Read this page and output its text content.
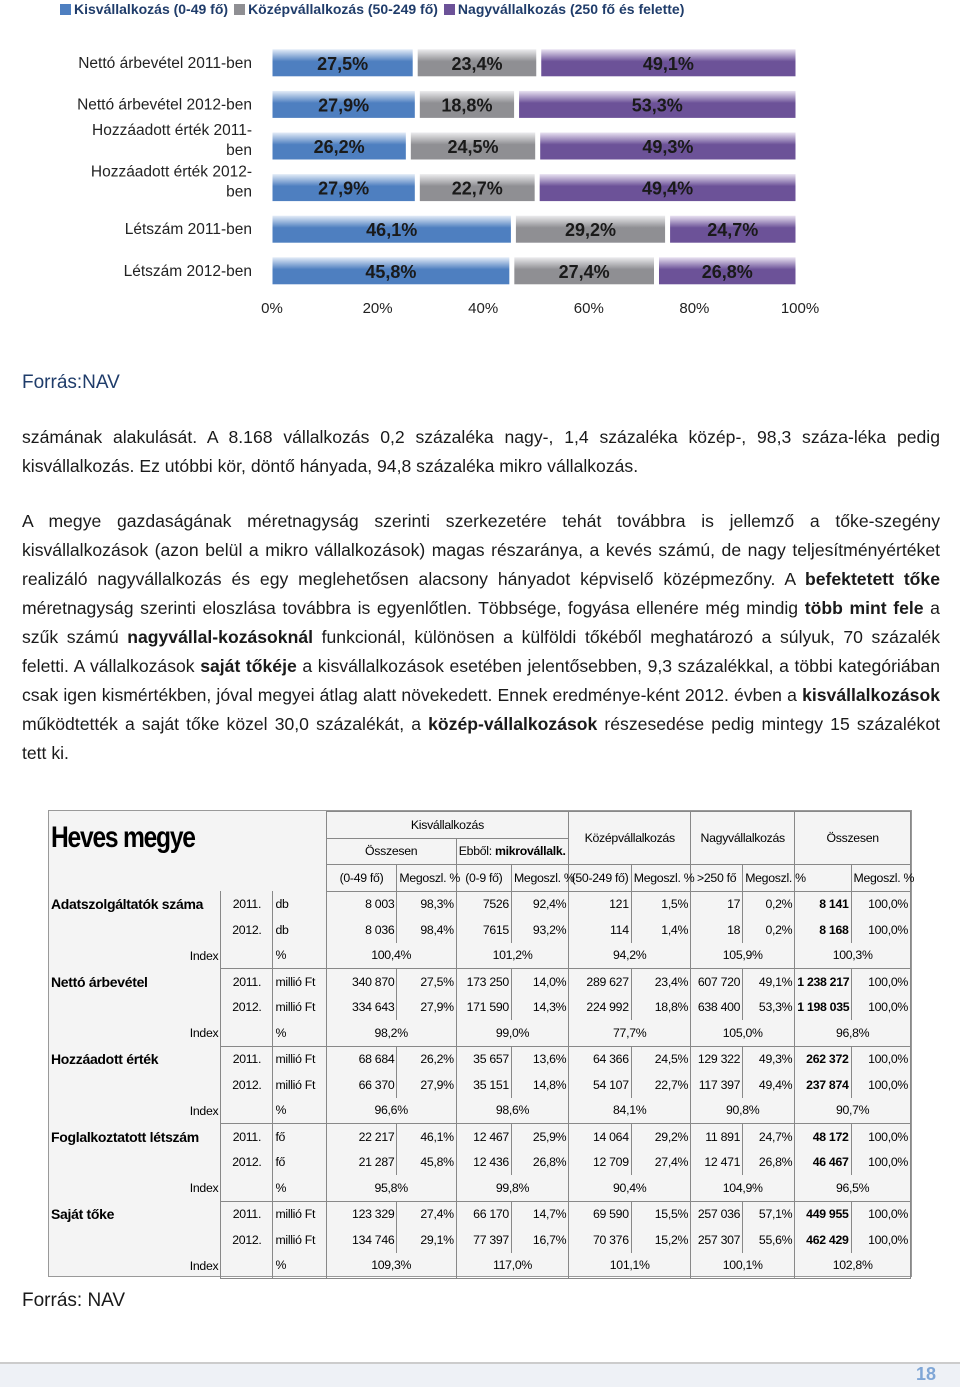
Kisvállalkozás (0-49 fő) Középvállalkozás (50-249 fő) Nagyvállalkozás (250 fő és felette)
Nettó árbevétel 2011-ben	27,5%	23,4%	49,1%
Nettó árbevétel 2012-ben	27,9%	18,8%	53,3%
Hozzáadott érték 2011-
ben	26,2%	24,5%	49,3%
Hozzáadott érték 2012-
ben	27,9%	22,7%	49,4%
Létszám 2011-ben	46,1%	29,2%	24,7%
Létszám 2012-ben	45,8%	27,4%	26,8%
0%	20%	40%	60%	80%	100%
Forrás:NAV
számának alakulását. A 8.168 vállalkozás 0,2 százaléka nagy-, 1,4 százaléka közép-, 98,3 száza-léka pedig kisvállalkozás. Ez utóbbi kör, döntő hányada, 94,8 százaléka mikro vállalkozás.
A megye gazdaságának méretnagyság szerinti szerkezetére tehát továbbra is jellemző a tőke-szegény kisvállalkozások (azon belül a mikro vállalkozások) magas részaránya, a kevés számú, de nagy teljesítményértéket realizáló nagyvállalkozás és egy meglehetősen alacsony hányadot képviselő középmezőny. A befektetett tőke méretnagyság szerinti eloszlása továbbra is egyenlőtlen. Többsége, fogyása ellenére még mindig több mint fele a szűk számú nagyvállal-kozásoknál funkcionál, különösen a külföldi tőkéből meghatározó a súlyuk, 70 százalék feletti. A vállalkozások saját tőkéje a kisvállalkozások esetében jelentősebben, 9,3 százalékkal, a többi kategóriában csak igen kismértékben, jóval megyei átlag alatt növekedett. Ennek eredménye-ként 2012. évben a kisvállalkozások működtették a saját tőke közel 30,0 százalékát, a közép-vállalkozások részesedése pedig mintegy 15 százalékot tett ki.
Heves megye			Kisvállalkozás				Középvállalkozás		Nagyvállalkozás		Összesen	
			Összesen		Ebből: mikrovállalk.							
			(0-49 fő)	Megoszl. %	(0-9 fő)	Megoszl. %	(50-249 fő)	Megoszl. %	>250 fő	Megoszl. %		Megoszl. %
Adatszolgáltatók száma	2011.	db	8 003	98,3%	7526	92,4%	121	1,5%	17	0,2%	8 141	100,0%
	2012.	db	8 036	98,4%	7615	93,2%	114	1,4%	18	0,2%	8 168	100,0%
Index		%	100,4%		101,2%		94,2%		105,9%		100,3%	
Nettó árbevétel	2011.	millió Ft	340 870	27,5%	173 250	14,0%	289 627	23,4%	607 720	49,1%	1 238 217	100,0%
	2012.	millió Ft	334 643	27,9%	171 590	14,3%	224 992	18,8%	638 400	53,3%	1 198 035	100,0%
Index		%	98,2%		99,0%		77,7%		105,0%		96,8%	
Hozzáadott érték	2011.	millió Ft	68 684	26,2%	35 657	13,6%	64 366	24,5%	129 322	49,3%	262 372	100,0%
	2012.	millió Ft	66 370	27,9%	35 151	14,8%	54 107	22,7%	117 397	49,4%	237 874	100,0%
Index		%	96,6%		98,6%		84,1%		90,8%		90,7%	
Foglalkoztatott létszám	2011.	fő	22 217	46,1%	12 467	25,9%	14 064	29,2%	11 891	24,7%	48 172	100,0%
	2012.	fő	21 287	45,8%	12 436	26,8%	12 709	27,4%	12 471	26,8%	46 467	100,0%
Index		%	95,8%		99,8%		90,4%		104,9%		96,5%	
Saját tőke	2011.	millió Ft	123 329	27,4%	66 170	14,7%	69 590	15,5%	257 036	57,1%	449 955	100,0%
	2012.	millió Ft	134 746	29,1%	77 397	16,7%	70 376	15,2%	257 307	55,6%	462 429	100,0%
Index		%	109,3%		117,0%		101,1%		100,1%		102,8%	
Forrás: NAV
18
